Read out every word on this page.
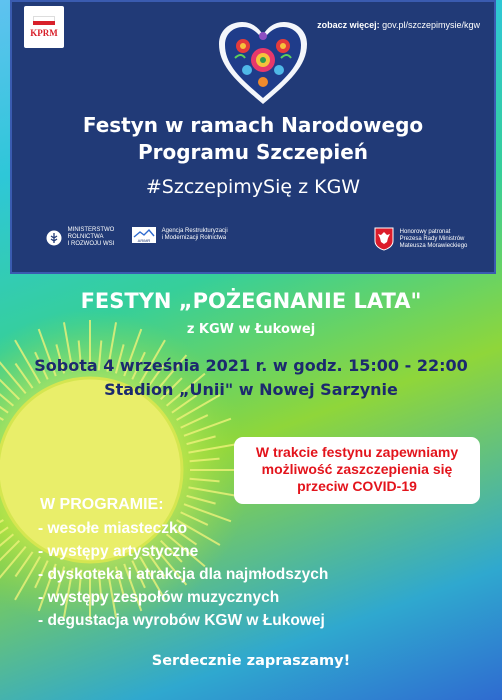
KPRM
zobacz więcej: gov.pl/szczepimysie/kgw
Festyn w ramach Narodowego
Programu Szczepień
#SzczepimySię z KGW
MINISTERSTWO
ROLNICTWA
I ROZWOJU WSI
ARiMR
Agencja Restrukturyzacji
i Modernizacji Rolnictwa
Honorowy patronat
Prezesa Rady Ministrów
Mateusza Morawieckiego
FESTYN „POŻEGNANIE LATA"
z KGW w Łukowej
Sobota 4 września 2021 r. w godz. 15:00 - 22:00
Stadion „Unii" w Nowej Sarzynie
W trakcie festynu zapewniamy
możliwość zaszczepienia się
przeciw COVID-19
W PROGRAMIE:
- wesołe miasteczko
- występy artystyczne
- dyskoteka i atrakcja dla najmłodszych
- występy zespołów muzycznych
- degustacja wyrobów KGW w Łukowej
Serdecznie zapraszamy!
